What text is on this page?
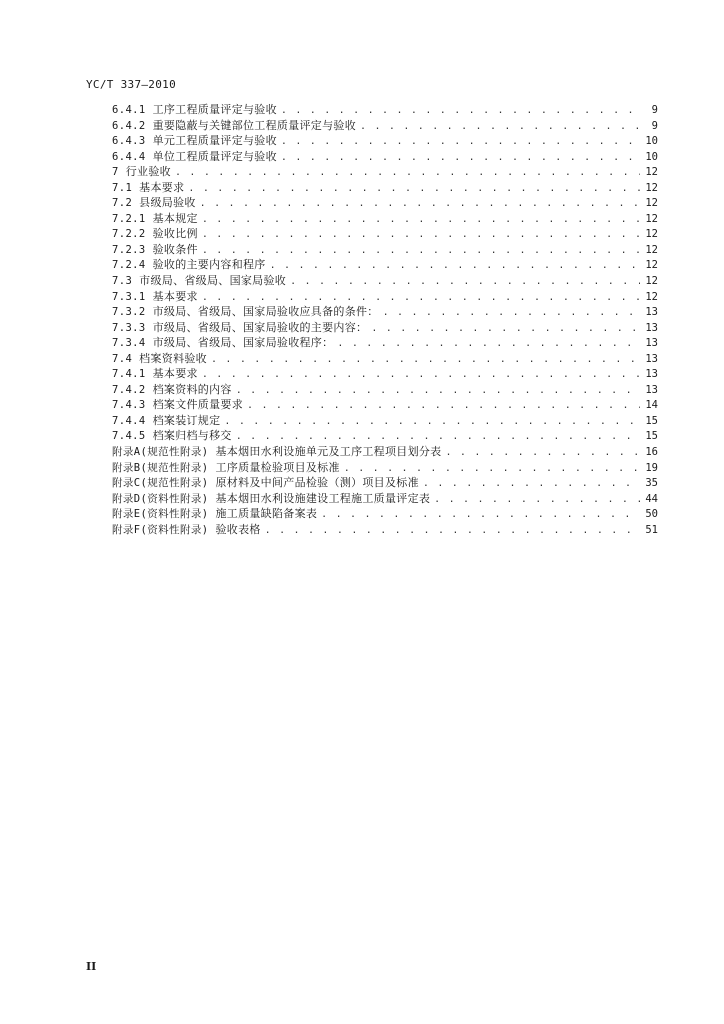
YC/T 337—2010
6.4.1 工序工程质量评定与验收 . . .	9
6.4.2 重要隐蔽与关键部位工程质量评定与验收 . . .	9
6.4.3 单元工程质量评定与验收 . . .	10
6.4.4 单位工程质量评定与验收 . . .	10
7 行业验收 . . .	12
7.1 基本要求 . . .	12
7.2 县级局验收 . . .	12
7.2.1 基本规定 . . .	12
7.2.2 验收比例 . . .	12
7.2.3 验收条件 . . .	12
7.2.4 验收的主要内容和程序 . . .	12
7.3 市级局、省级局、国家局验收 . . .	12
7.3.1 基本要求 . . .	12
7.3.2 市级局、省级局、国家局验收应具备的条件： . . .	13
7.3.3 市级局、省级局、国家局验收的主要内容： . . .	13
7.3.4 市级局、省级局、国家局验收程序： . . .	13
7.4 档案资料验收 . . .	13
7.4.1 基本要求 . . .	13
7.4.2 档案资料的内容 . . .	13
7.4.3 档案文件质量要求 . . .	14
7.4.4 档案装订规定 . . .	15
7.4.5 档案归档与移交 . . .	15
附录A(规范性附录) 基本烟田水利设施单元及工序工程项目划分表 . . .	16
附录B(规范性附录) 工序质量检验项目及标准 . . .	19
附录C(规范性附录) 原材料及中间产品检验（测）项目及标准 . . .	35
附录D(资料性附录) 基本烟田水利设施建设工程施工质量评定表 . . .	44
附录E(资料性附录) 施工质量缺陷备案表 . . .	50
附录F(资料性附录) 验收表格 . . .	51
II
